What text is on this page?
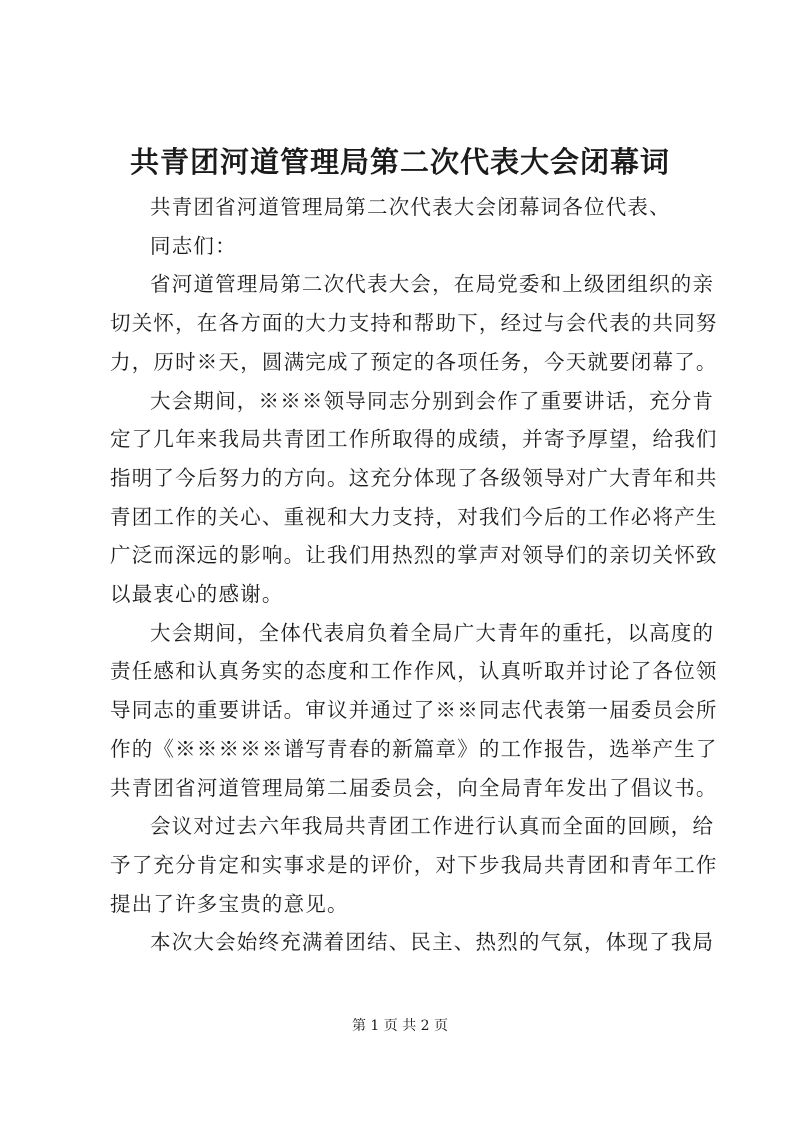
共青团河道管理局第二次代表大会闭幕词
共青团省河道管理局第二次代表大会闭幕词各位代表、
同志们：
省河道管理局第二次代表大会，在局党委和上级团组织的亲
切关怀，在各方面的大力支持和帮助下，经过与会代表的共同努
力，历时※天，圆满完成了预定的各项任务，今天就要闭幕了。
大会期间，※※※领导同志分别到会作了重要讲话，充分肯
定了几年来我局共青团工作所取得的成绩，并寄予厚望，给我们
指明了今后努力的方向。这充分体现了各级领导对广大青年和共
青团工作的关心、重视和大力支持，对我们今后的工作必将产生
广泛而深远的影响。让我们用热烈的掌声对领导们的亲切关怀致
以最衷心的感谢。
大会期间，全体代表肩负着全局广大青年的重托，以高度的
责任感和认真务实的态度和工作作风，认真听取并讨论了各位领
导同志的重要讲话。审议并通过了※※同志代表第一届委员会所
作的《※※※※※谱写青春的新篇章》的工作报告，选举产生了
共青团省河道管理局第二届委员会，向全局青年发出了倡议书。
会议对过去六年我局共青团工作进行认真而全面的回顾，给
予了充分肯定和实事求是的评价，对下步我局共青团和青年工作
提出了许多宝贵的意见。
本次大会始终充满着团结、民主、热烈的气氛，体现了我局
第 1 页 共 2 页
